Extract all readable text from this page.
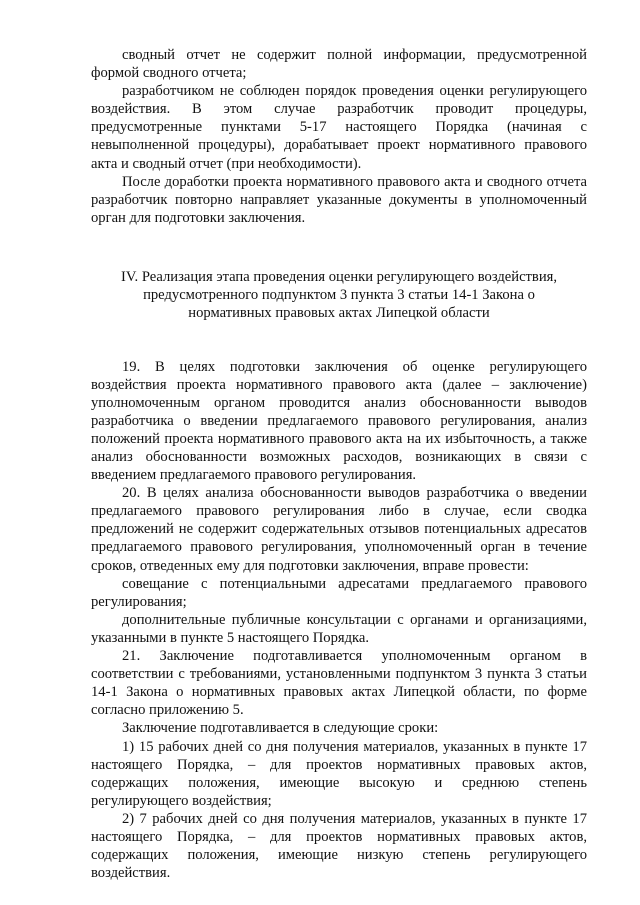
сводный отчет не содержит полной информации, предусмотренной формой сводного отчета;

разработчиком не соблюден порядок проведения оценки регулирующего воздействия. В этом случае разработчик проводит процедуры, предусмотренные пунктами 5-17 настоящего Порядка (начиная с невыполненной процедуры), дорабатывает проект нормативного правового акта и сводный отчет (при необходимости).

После доработки проекта нормативного правового акта и сводного отчета разработчик повторно направляет указанные документы в уполномоченный орган для подготовки заключения.

IV. Реализация этапа проведения оценки регулирующего воздействия,
предусмотренного подпунктом 3 пункта 3 статьи 14-1 Закона о
нормативных правовых актах Липецкой области

19. В целях подготовки заключения об оценке регулирующего воздействия проекта нормативного правового акта (далее – заключение) уполномоченным органом проводится анализ обоснованности выводов разработчика о введении предлагаемого правового регулирования, анализ положений проекта нормативного правового акта на их избыточность, а также анализ обоснованности возможных расходов, возникающих в связи с введением предлагаемого правового регулирования.

20. В целях анализа обоснованности выводов разработчика о введении предлагаемого правового регулирования либо в случае, если сводка предложений не содержит содержательных отзывов потенциальных адресатов предлагаемого правового регулирования, уполномоченный орган в течение сроков, отведенных ему для подготовки заключения, вправе провести:

совещание с потенциальными адресатами предлагаемого правового регулирования;

дополнительные публичные консультации с органами и организациями, указанными в пункте 5 настоящего Порядка.

21. Заключение подготавливается уполномоченным органом в соответствии с требованиями, установленными подпунктом 3 пункта 3 статьи 14-1 Закона о нормативных правовых актах Липецкой области, по форме согласно приложению 5.

Заключение подготавливается в следующие сроки:

1) 15 рабочих дней со дня получения материалов, указанных в пункте 17 настоящего Порядка, – для проектов нормативных правовых актов, содержащих положения, имеющие высокую и среднюю степень регулирующего воздействия;

2) 7 рабочих дней со дня получения материалов, указанных в пункте 17 настоящего Порядка, – для проектов нормативных правовых актов, содержащих положения, имеющие низкую степень регулирующего воздействия.
